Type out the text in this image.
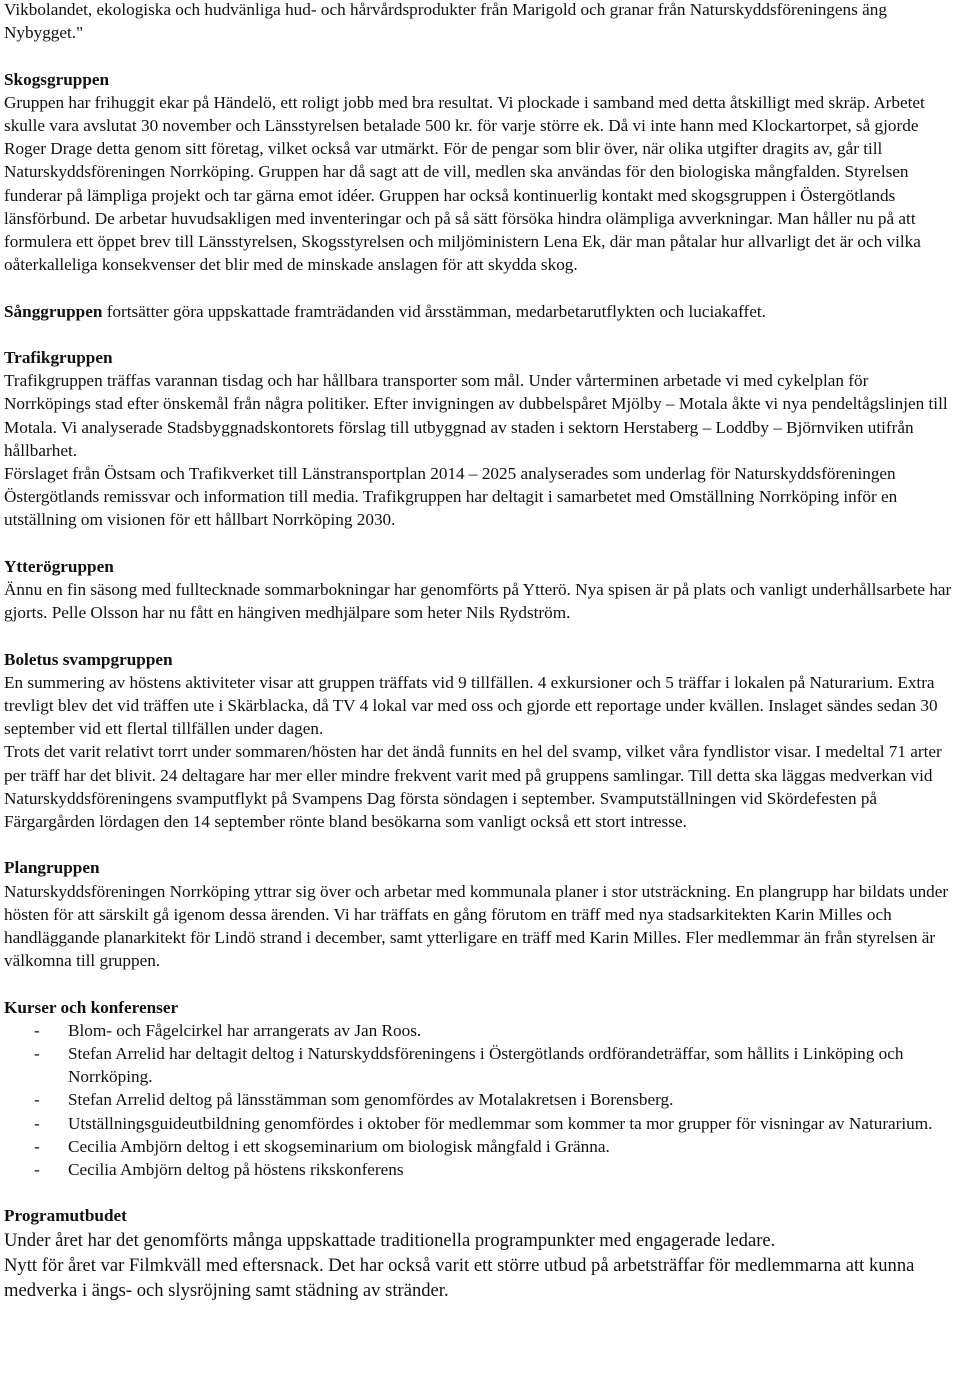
Vikbolandet, ekologiska och hudvänliga hud- och hårvårdsprodukter från Marigold och granar från Naturskyddsföreningens äng Nybygget."

Skogsgruppen

Gruppen har frihuggit ekar på Händelö, ett roligt jobb med bra resultat. Vi plockade i samband med detta åtskilligt med skräp. Arbetet skulle vara avslutat 30 november och Länsstyrelsen betalade 500 kr. för varje större ek. Då vi inte hann med Klockartorpet, så gjorde Roger Drage detta genom sitt företag, vilket också var utmärkt. För de pengar som blir över, när olika utgifter dragits av, går till Naturskyddsföreningen Norrköping. Gruppen har då sagt att de vill, medlen ska användas för den biologiska mångfalden. Styrelsen funderar på lämpliga projekt och tar gärna emot idéer. Gruppen har också kontinuerlig kontakt med skogsgruppen i Östergötlands länsförbund. De arbetar huvudsakligen med inventeringar och på så sätt försöka hindra olämpliga avverkningar. Man håller nu på att formulera ett öppet brev till Länsstyrelsen, Skogsstyrelsen och miljöministern Lena Ek, där man påtalar hur allvarligt det är och vilka oåterkalleliga konsekvenser det blir med de minskade anslagen för att skydda skog.

Sånggruppen fortsätter göra uppskattade framträdanden vid årsstämman, medarbetarutflykten och luciakaffet.

Trafikgruppen

Trafikgruppen träffas varannan tisdag och har hållbara transporter som mål. Under vårterminen arbetade vi med cykelplan för Norrköpings stad efter önskemål från några politiker. Efter invigningen av dubbelspåret Mjölby – Motala åkte vi nya pendeltågslinjen till Motala. Vi analyserade Stadsbyggnadskontorets förslag till utbyggnad av staden i sektorn Herstaberg – Loddby – Björnviken utifrån hållbarhet.

Förslaget från Östsam och Trafikverket till Länstransportplan 2014 – 2025 analyserades som underlag för Naturskyddsföreningen Östergötlands remissvar och information till media. Trafikgruppen har deltagit i samarbetet med Omställning Norrköping inför en utställning om visionen för ett hållbart Norrköping 2030.

Ytterögruppen

Ännu en fin säsong med fulltecknade sommarbokningar har genomförts på Ytterö. Nya spisen är på plats och vanligt underhållsarbete har gjorts. Pelle Olsson har nu fått en hängiven medhjälpare som heter Nils Rydström.

Boletus svampgruppen

En summering av höstens aktiviteter visar att gruppen träffats vid 9 tillfällen. 4 exkursioner och 5 träffar i lokalen på Naturarium. Extra trevligt blev det vid träffen ute i Skärblacka, då TV 4 lokal var med oss och gjorde ett reportage under kvällen. Inslaget sändes sedan 30 september vid ett flertal tillfällen under dagen.

Trots det varit relativt torrt under sommaren/hösten har det ändå funnits en hel del svamp, vilket våra fyndlistor visar. I medeltal 71 arter per träff har det blivit. 24 deltagare har mer eller mindre frekvent varit med på gruppens samlingar. Till detta ska läggas medverkan vid Naturskyddsföreningens svamputflykt på Svampens Dag första söndagen i september. Svamputställningen vid Skördefesten på Färgargården lördagen den 14 september rönte bland besökarna som vanligt också ett stort intresse.

Plangruppen

Naturskyddsföreningen Norrköping yttrar sig över och arbetar med kommunala planer i stor utsträckning. En plangrupp har bildats under hösten för att särskilt gå igenom dessa ärenden. Vi har träffats en gång förutom en träff med nya stadsarkitekten Karin Milles och handläggande planarkitekt för Lindö strand i december, samt ytterligare en träff med Karin Milles. Fler medlemmar än från styrelsen är välkomna till gruppen.

Kurser och konferenser

- Blom- och Fågelcirkel har arrangerats av Jan Roos.
- Stefan Arrelid har deltagit deltog i Naturskyddsföreningens i Östergötlands ordförandeträffar, som hållits i Linköping och Norrköping.
- Stefan Arrelid deltog på länsstämman som genomfördes av Motalakretsen i Borensberg.
- Utställningsguideutbildning genomfördes i oktober för medlemmar som kommer ta mor grupper för visningar av Naturarium.
- Cecilia Ambjörn deltog i ett skogseminarium om biologisk mångfald i Gränna.
- Cecilia Ambjörn deltog på höstens rikskonferens

Programutbudet

Under året har det genomförts många uppskattade traditionella programpunkter med engagerade ledare.

Nytt för året var Filmkväll med eftersnack. Det har också varit ett större utbud på arbetsträffar för medlemmarna att kunna medverka i ängs- och slysröjning samt städning av stränder.
